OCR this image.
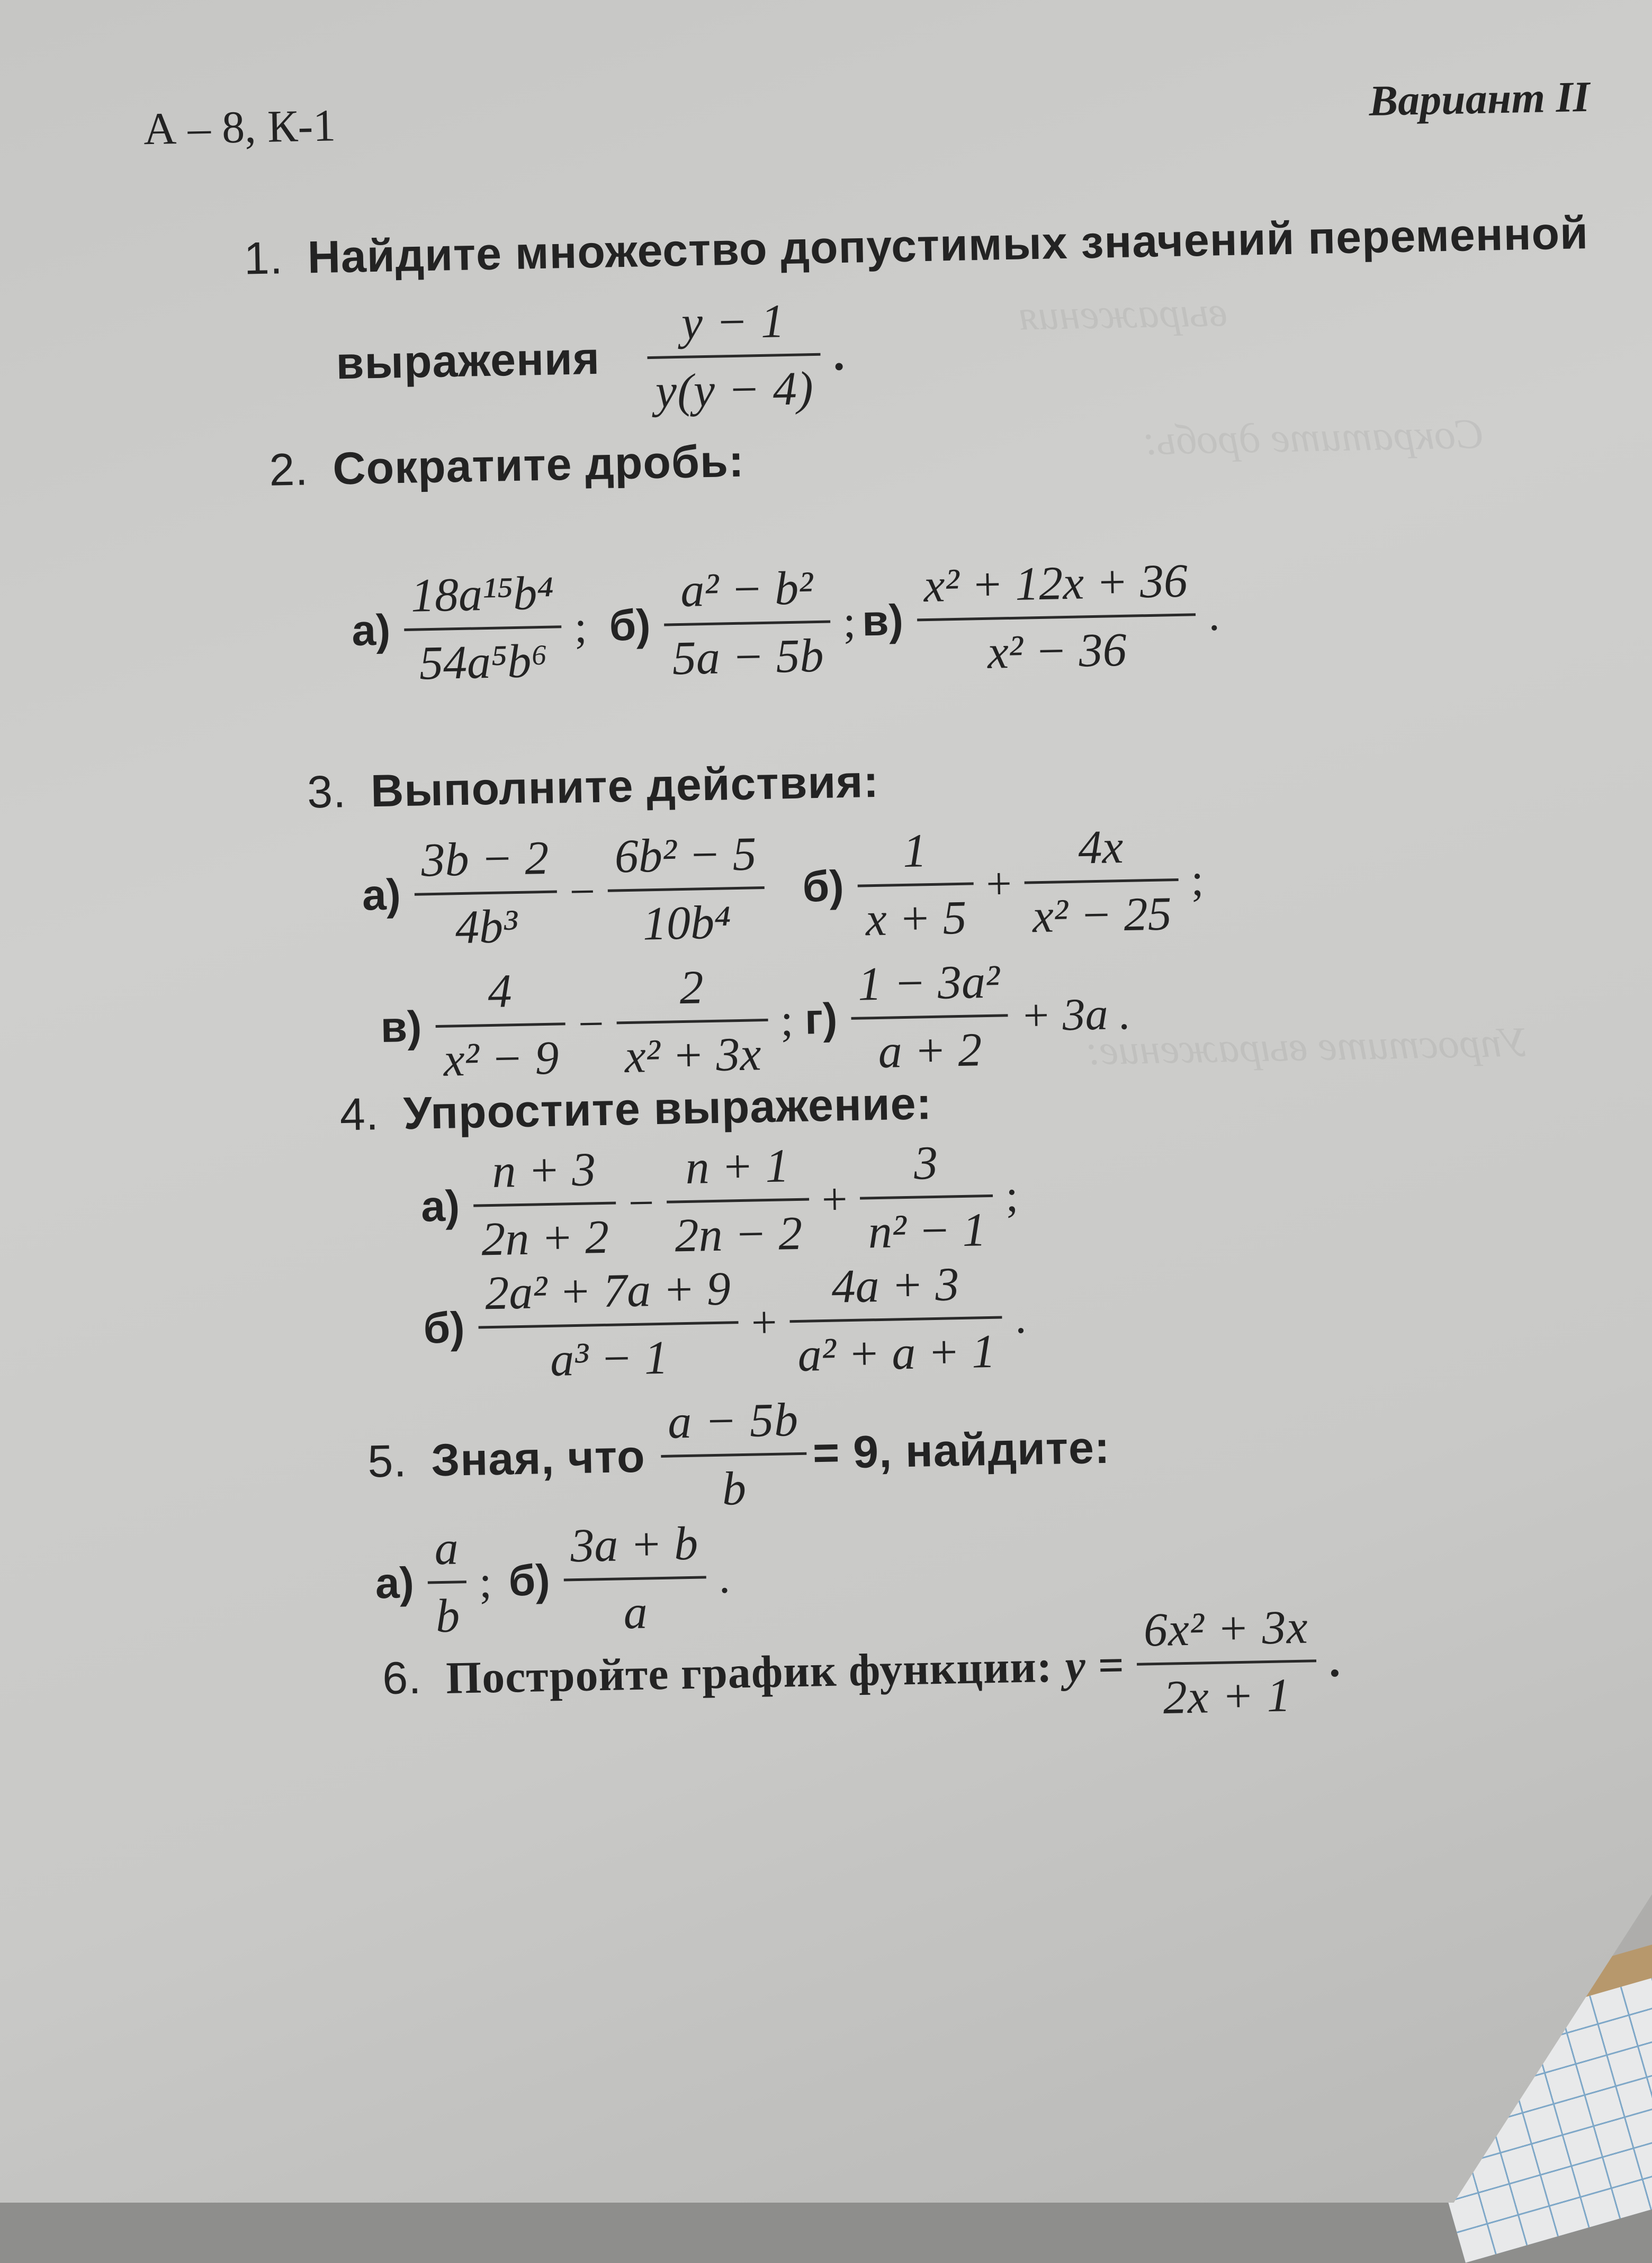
выражения
Сократите дробь:
Упростите выражение:
А – 8, К-1
Вариант II
1. Найдите множество допустимых значений переменной
выражения
y − 1
y(y − 4)
.
2. Сократите дробь:
а)
18a¹⁵b⁴
54a⁵b⁶
; б)
a² − b²
5a − 5b
; в)
x² + 12x + 36
x² − 36
.
3. Выполните действия:
а)
3b − 2
4b³
−
6b² − 5
10b⁴
б)
1
x + 5
+
4x
x² − 25
;
в)
4
x² − 9
−
2
x² + 3x
; г)
1 − 3a²
a + 2
+ 3a .
4. Упростите выражение:
а)
n + 3
2n + 2
−
n + 1
2n − 2
+
3
n² − 1
;
б)
2a² + 7a + 9
a³ − 1
+
4a + 3
a² + a + 1
.
5. Зная, что
a − 5b
b
= 9, найдите:
а)
a
b
; б)
3a + b
a
.
6. Постройте график функции: y =
6x² + 3x
2x + 1
.
